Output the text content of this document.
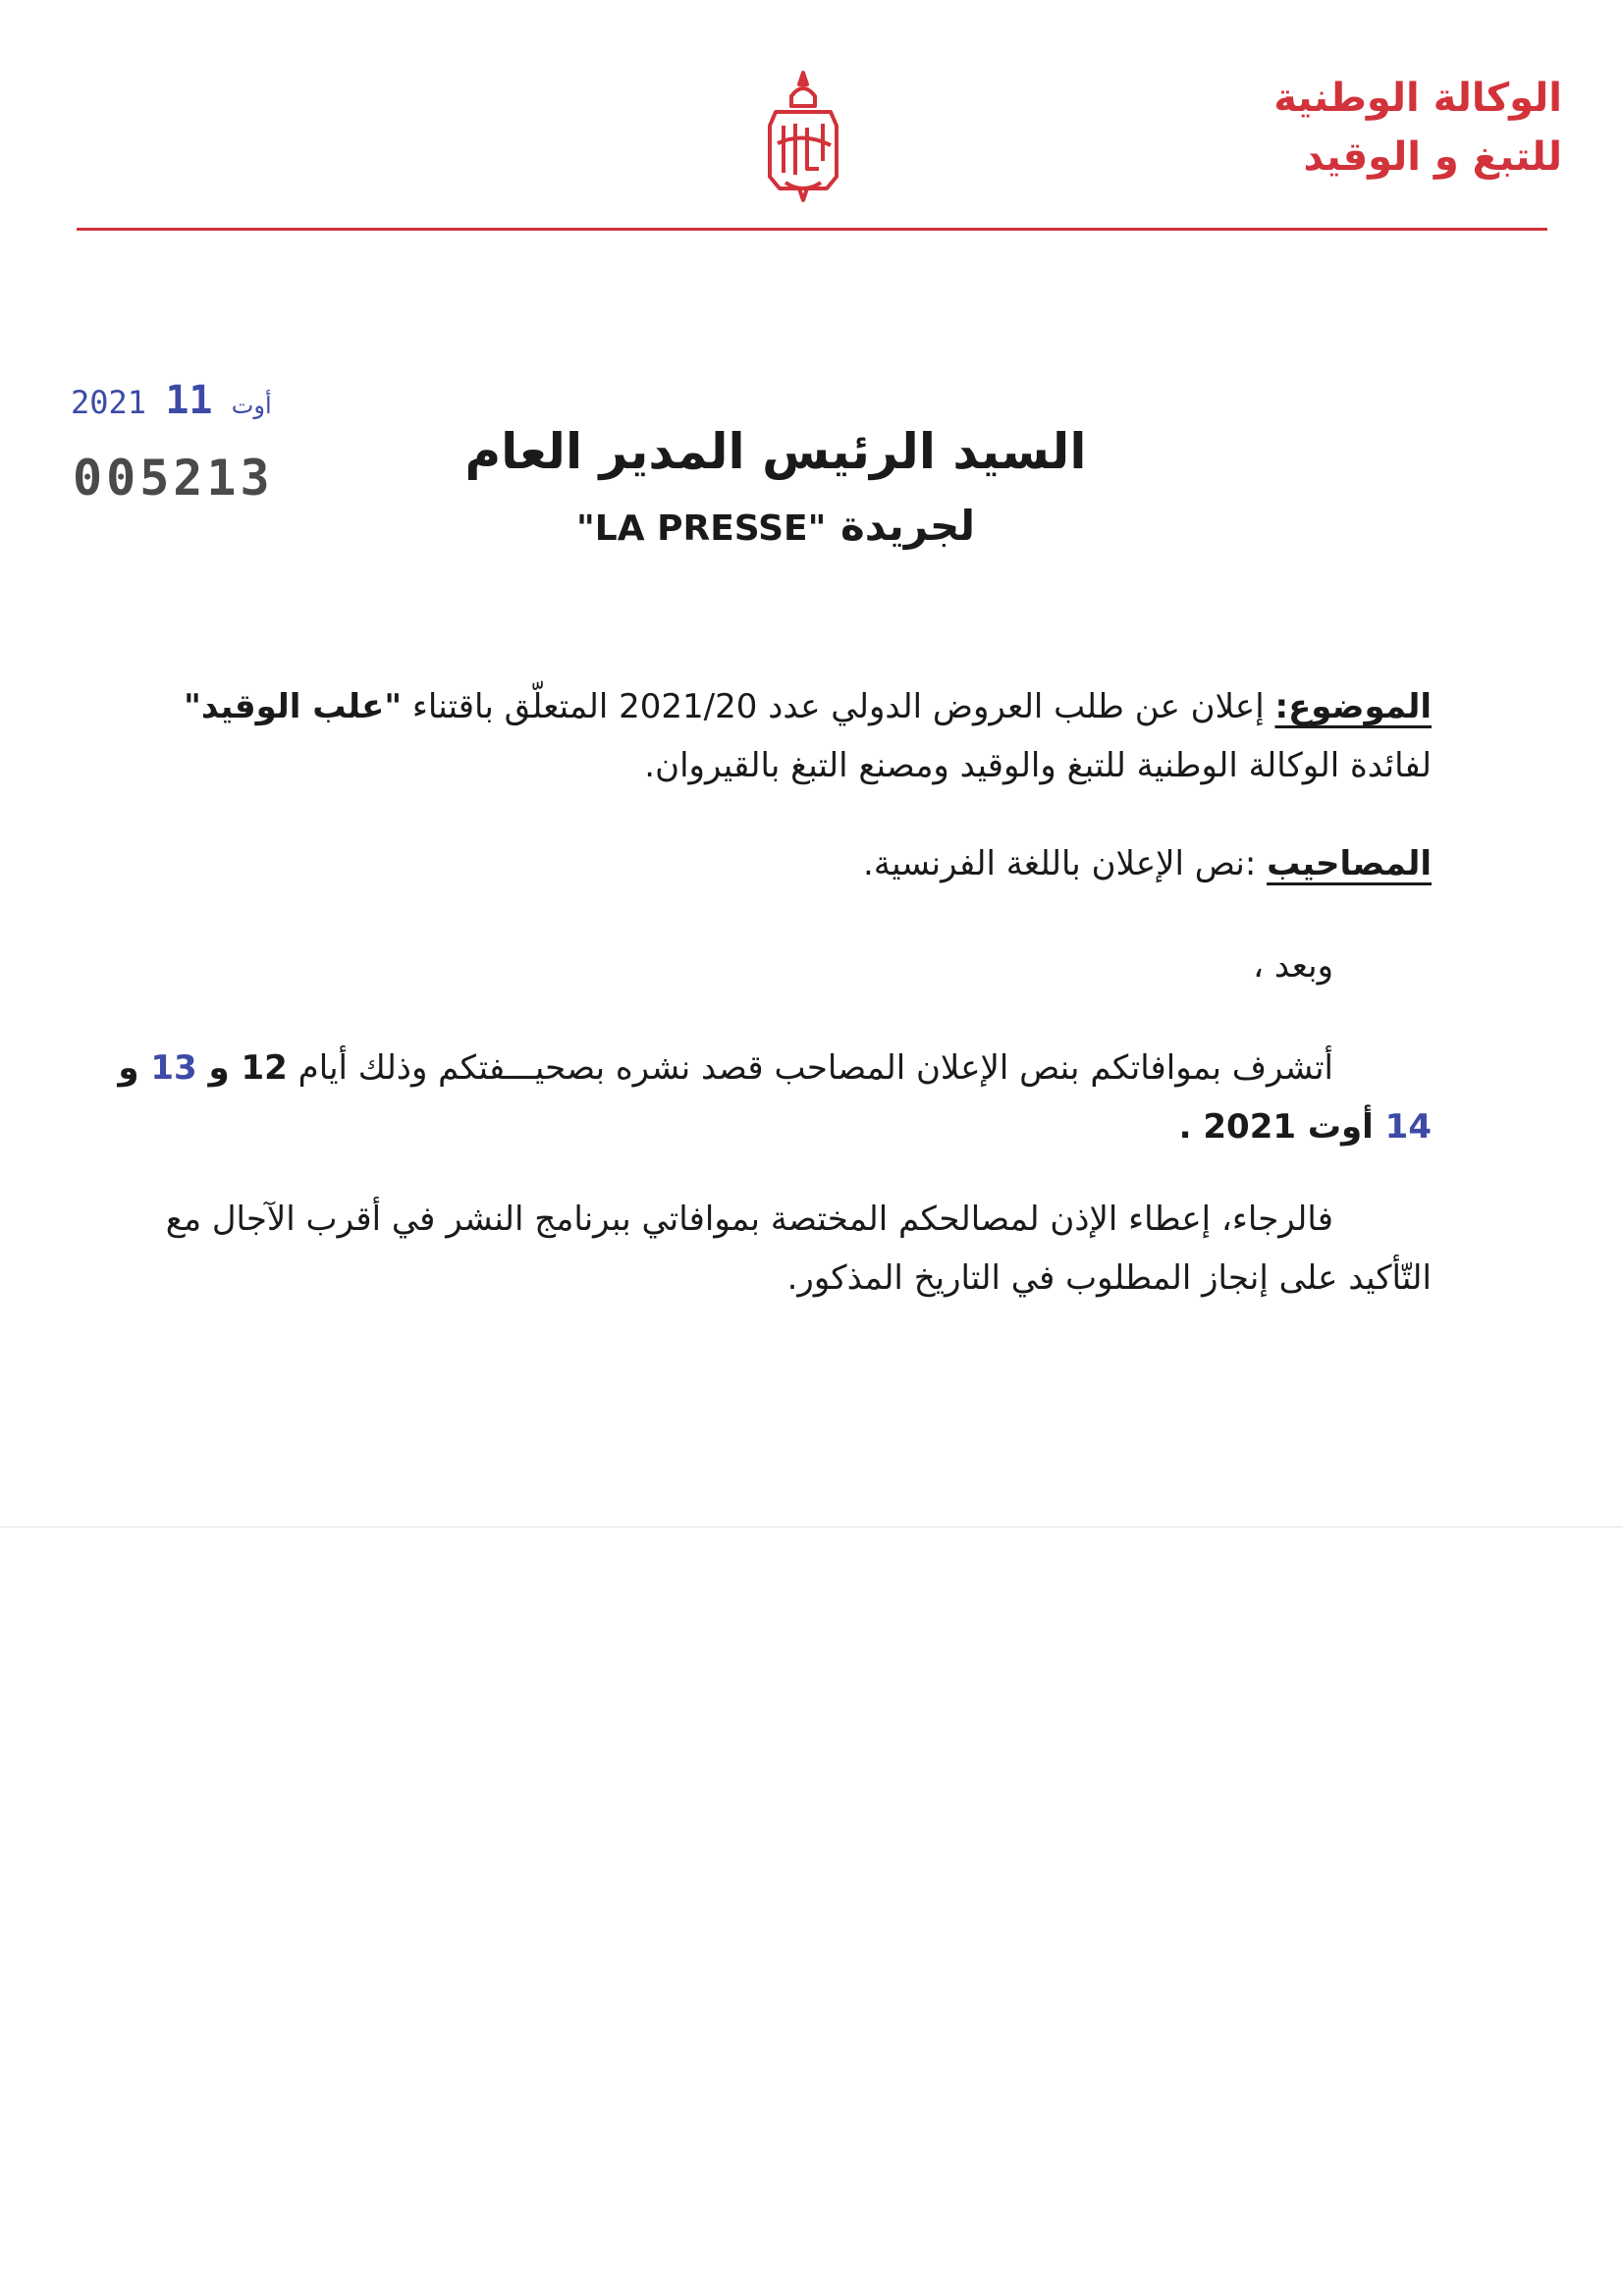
الوكالة الوطنية
للتبغ و الوقيد
2021	أوت 11
005213	السيد الرئيس المدير العام
لجريدة "LA PRESSE"

الموضوع: إعلان عن طلب العروض الدولي عدد 2021/20 المتعلّق باقتناء "علب الوقيد" لفائدة الوكالة الوطنية للتبغ والوقيد ومصنع التبغ بالقيروان.

المصاحيب :نص الإعلان باللغة الفرنسية.

وبعد ،

أتشرف بموافاتكم بنص الإعلان المصاحب قصد نشره بصحيـــفتكم وذلك أيام 12 و 13 و 14 أوت 2021 .

فالرجاء، إعطاء الإذن لمصالحكم المختصة بموافاتي ببرنامج النشر في أقرب الآجال مع التّأكيد على إنجاز المطلوب في التاريخ المذكور.
